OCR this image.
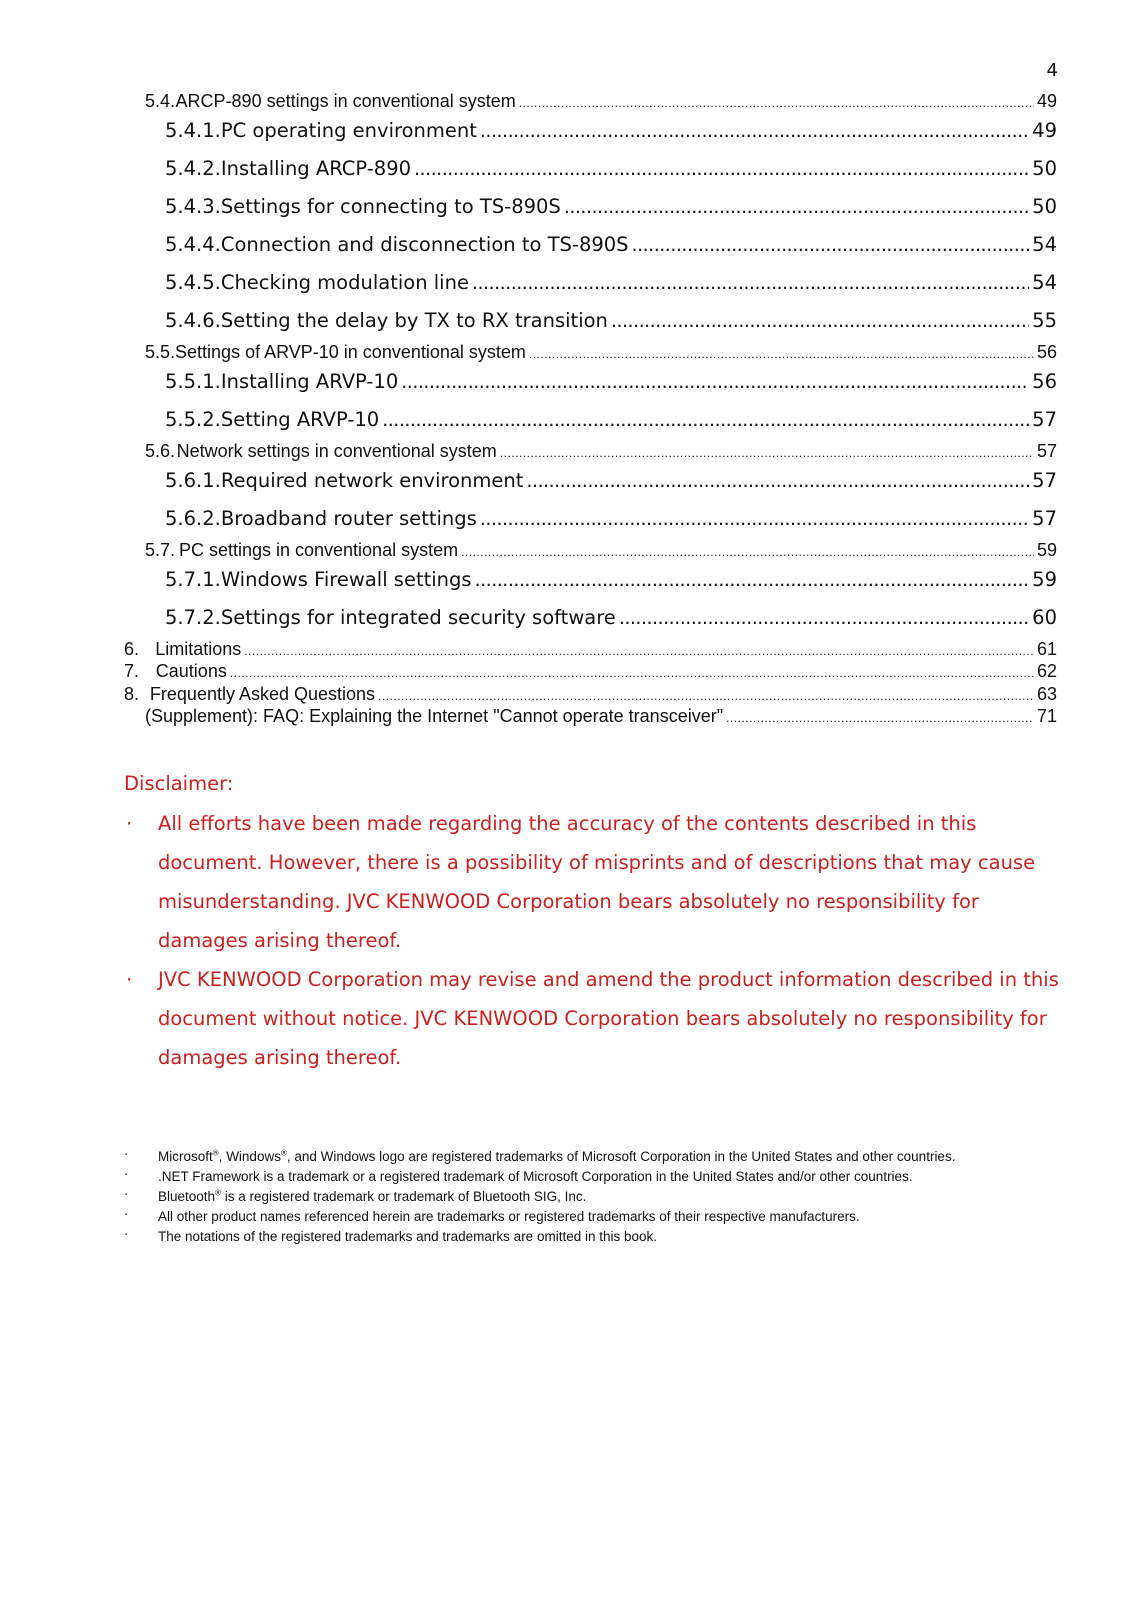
4
5.4. ARCP-890 settings in conventional system .....	49
5.4.1. PC operating environment .....	49
5.4.2. Installing ARCP-890 .....	50
5.4.3. Settings for connecting to TS-890S .....	50
5.4.4. Connection and disconnection to TS-890S .....	54
5.4.5. Checking modulation line .....	54
5.4.6. Setting the delay by TX to RX transition .....	55
5.5. Settings of ARVP-10 in conventional system .....	56
5.5.1. Installing ARVP-10 .....	56
5.5.2. Setting ARVP-10 .....	57
5.6. Network settings in conventional system .....	57
5.6.1. Required network environment .....	57
5.6.2. Broadband router settings .....	57
5.7. PC settings in conventional system .....	59
5.7.1. Windows Firewall settings .....	59
5.7.2. Settings for integrated security software .....	60
6. Limitations .....	61
7. Cautions .....	62
8. Frequently Asked Questions .....	63
(Supplement): FAQ: Explaining the Internet "Cannot operate transceiver" .....	71

Disclaimer:

· All efforts have been made regarding the accuracy of the contents described in this document. However, there is a possibility of misprints and of descriptions that may cause misunderstanding. JVC KENWOOD Corporation bears absolutely no responsibility for damages arising thereof.

· JVC KENWOOD Corporation may revise and amend the product information described in this document without notice. JVC KENWOOD Corporation bears absolutely no responsibility for damages arising thereof.

· Microsoft®, Windows®, and Windows logo are registered trademarks of Microsoft Corporation in the United States and other countries.
· .NET Framework is a trademark or a registered trademark of Microsoft Corporation in the United States and/or other countries.
· Bluetooth® is a registered trademark or trademark of Bluetooth SIG, Inc.
· All other product names referenced herein are trademarks or registered trademarks of their respective manufacturers.
· The notations of the registered trademarks and trademarks are omitted in this book.
